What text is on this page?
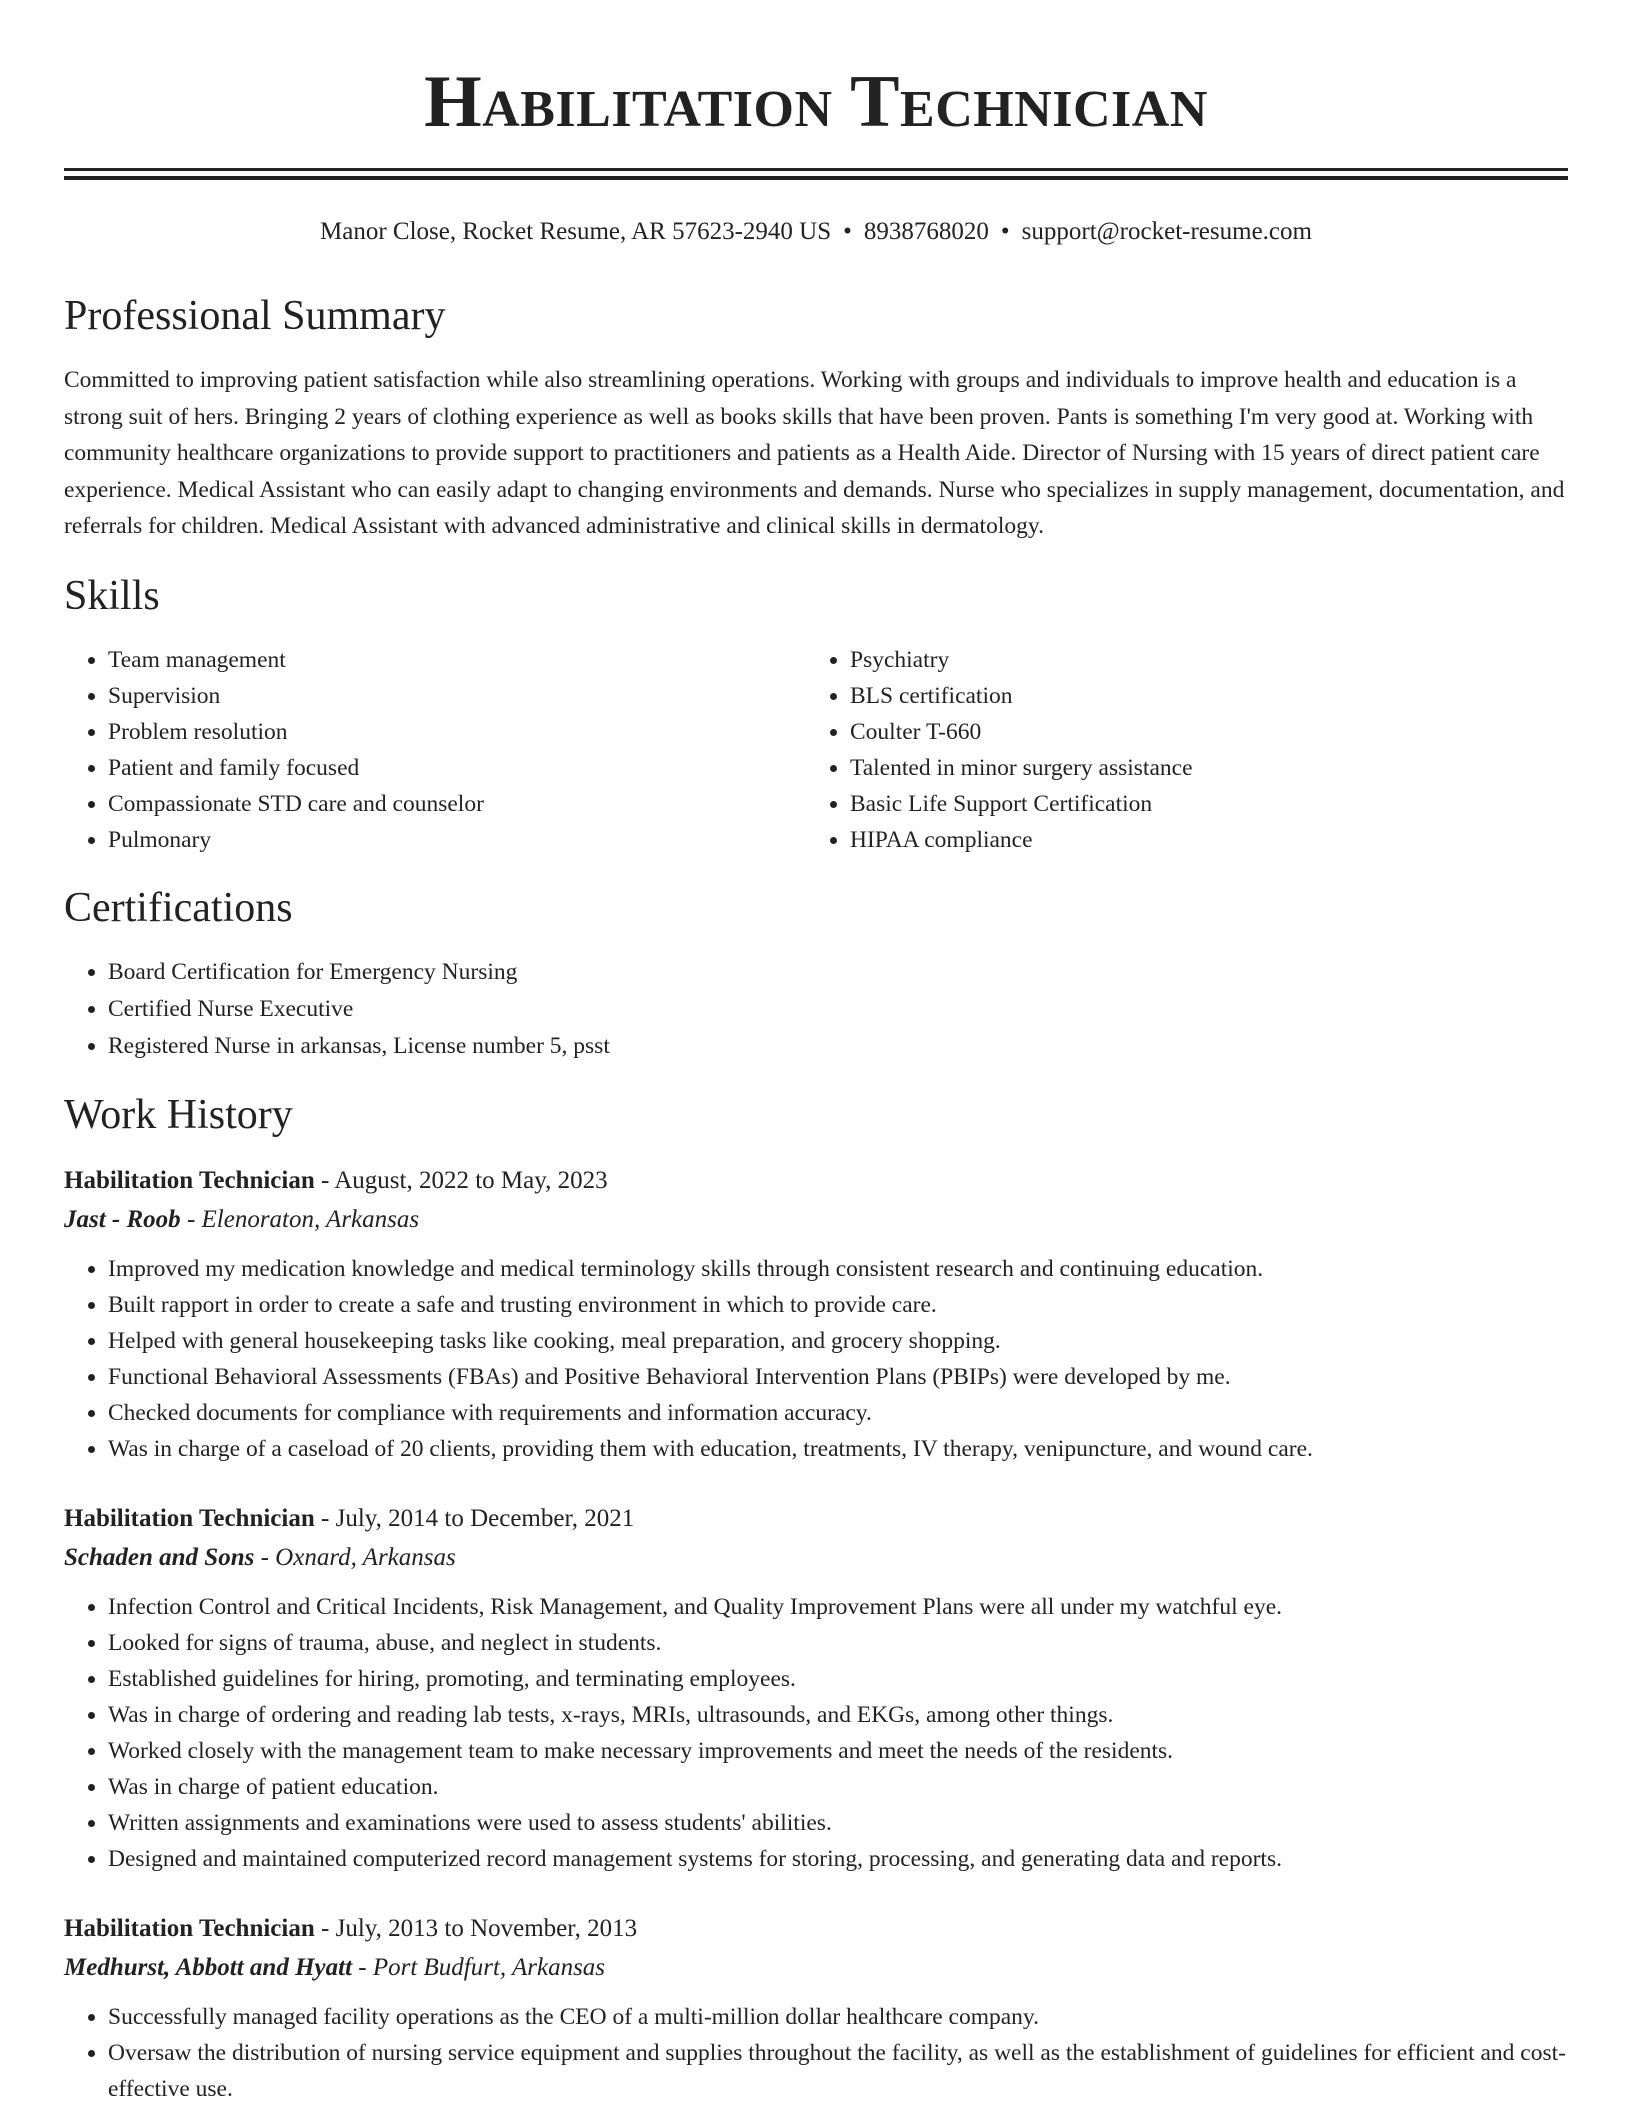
Habilitation Technician
Manor Close, Rocket Resume, AR 57623-2940 US • 8938768020 • support@rocket-resume.com
Professional Summary

Committed to improving patient satisfaction while also streamlining operations. Working with groups and individuals to improve health and education is a strong suit of hers. Bringing 2 years of clothing experience as well as books skills that have been proven. Pants is something I'm very good at. Working with community healthcare organizations to provide support to practitioners and patients as a Health Aide. Director of Nursing with 15 years of direct patient care experience. Medical Assistant who can easily adapt to changing environments and demands. Nurse who specializes in supply management, documentation, and referrals for children. Medical Assistant with advanced administrative and clinical skills in dermatology.

Skills
• Team management
• Supervision
• Problem resolution
• Patient and family focused
• Compassionate STD care and counselor
• Pulmonary
• Psychiatry
• BLS certification
• Coulter T-660
• Talented in minor surgery assistance
• Basic Life Support Certification
• HIPAA compliance
Certifications
• Board Certification for Emergency Nursing
• Certified Nurse Executive
• Registered Nurse in arkansas, License number 5, psst
Work History
Habilitation Technician - August, 2022 to May, 2023
Jast - Roob - Elenoraton, Arkansas
• Improved my medication knowledge and medical terminology skills through consistent research and continuing education.
• Built rapport in order to create a safe and trusting environment in which to provide care.
• Helped with general housekeeping tasks like cooking, meal preparation, and grocery shopping.
• Functional Behavioral Assessments (FBAs) and Positive Behavioral Intervention Plans (PBIPs) were developed by me.
• Checked documents for compliance with requirements and information accuracy.
• Was in charge of a caseload of 20 clients, providing them with education, treatments, IV therapy, venipuncture, and wound care.
Habilitation Technician - July, 2014 to December, 2021
Schaden and Sons - Oxnard, Arkansas
• Infection Control and Critical Incidents, Risk Management, and Quality Improvement Plans were all under my watchful eye.
• Looked for signs of trauma, abuse, and neglect in students.
• Established guidelines for hiring, promoting, and terminating employees.
• Was in charge of ordering and reading lab tests, x-rays, MRIs, ultrasounds, and EKGs, among other things.
• Worked closely with the management team to make necessary improvements and meet the needs of the residents.
• Was in charge of patient education.
• Written assignments and examinations were used to assess students' abilities.
• Designed and maintained computerized record management systems for storing, processing, and generating data and reports.
Habilitation Technician - July, 2013 to November, 2013
Medhurst, Abbott and Hyatt - Port Budfurt, Arkansas
• Successfully managed facility operations as the CEO of a multi-million dollar healthcare company.
• Oversaw the distribution of nursing service equipment and supplies throughout the facility, as well as the establishment of guidelines for efficient and cost-effective use.
